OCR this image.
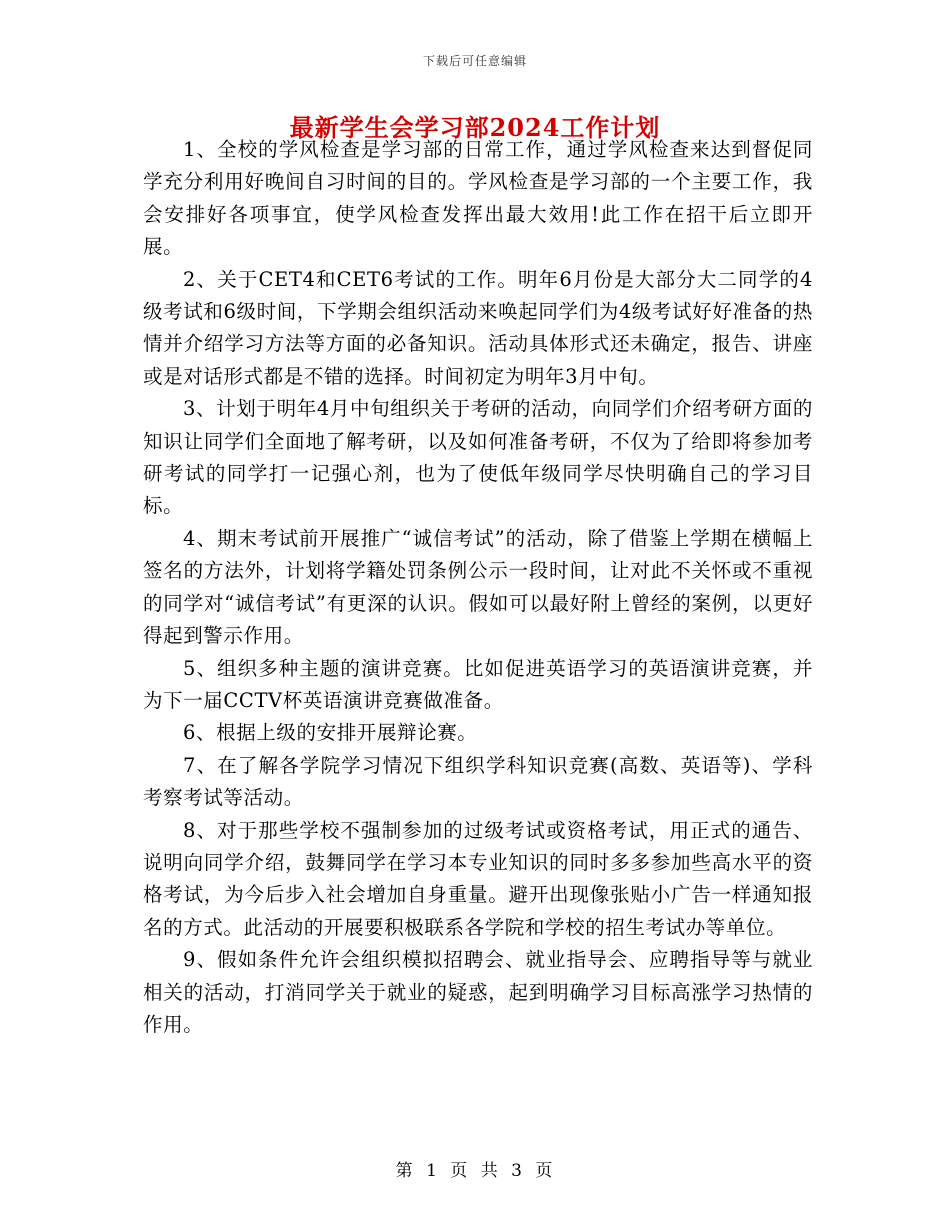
下载后可任意编辑
最新学生会学习部2024工作计划

1、全校的学风检查是学习部的日常工作，通过学风检查来达到督促同学充分利用好晚间自习时间的目的。学风检查是学习部的一个主要工作，我会安排好各项事宜，使学风检查发挥出最大效用!此工作在招干后立即开展。

2、关于CET4和CET6考试的工作。明年6月份是大部分大二同学的4级考试和6级时间，下学期会组织活动来唤起同学们为4级考试好好准备的热情并介绍学习方法等方面的必备知识。活动具体形式还未确定，报告、讲座或是对话形式都是不错的选择。时间初定为明年3月中旬。

3、计划于明年4月中旬组织关于考研的活动，向同学们介绍考研方面的知识让同学们全面地了解考研，以及如何准备考研，不仅为了给即将参加考研考试的同学打一记强心剂，也为了使低年级同学尽快明确自己的学习目标。

4、期末考试前开展推广“诚信考试”的活动，除了借鉴上学期在横幅上签名的方法外，计划将学籍处罚条例公示一段时间，让对此不关怀或不重视的同学对“诚信考试”有更深的认识。假如可以最好附上曾经的案例，以更好得起到警示作用。

5、组织多种主题的演讲竞赛。比如促进英语学习的英语演讲竞赛，并为下一届CCTV杯英语演讲竞赛做准备。

6、根据上级的安排开展辩论赛。

7、在了解各学院学习情况下组织学科知识竞赛(高数、英语等)、学科考察考试等活动。

8、对于那些学校不强制参加的过级考试或资格考试，用正式的通告、说明向同学介绍，鼓舞同学在学习本专业知识的同时多多参加些高水平的资格考试，为今后步入社会增加自身重量。避开出现像张贴小广告一样通知报名的方式。此活动的开展要积极联系各学院和学校的招生考试办等单位。

9、假如条件允许会组织模拟招聘会、就业指导会、应聘指导等与就业相关的活动，打消同学关于就业的疑惑，起到明确学习目标高涨学习热情的作用。

第 1 页 共 3 页
